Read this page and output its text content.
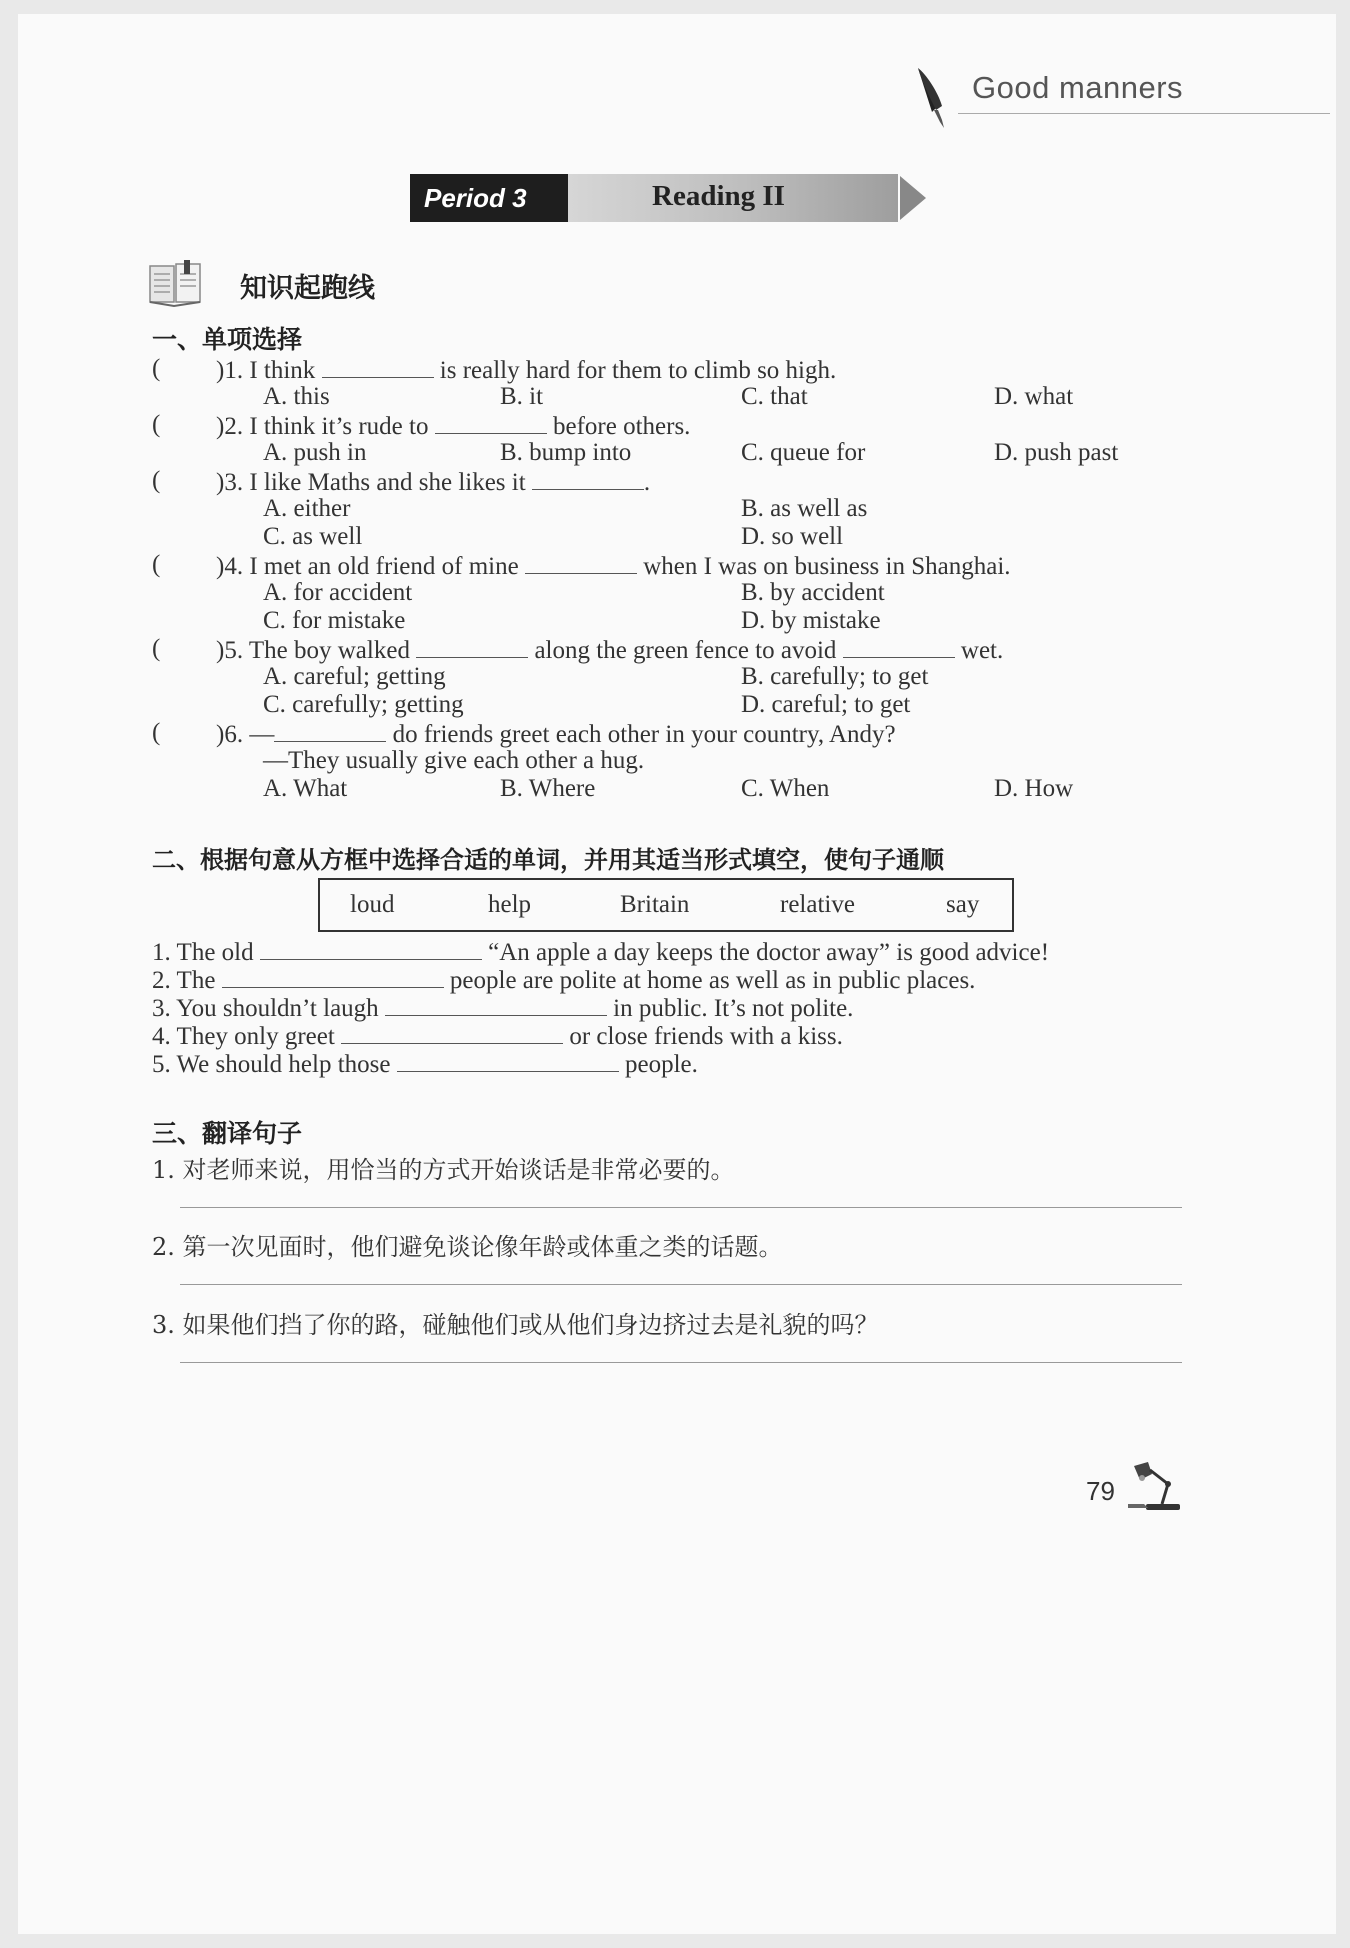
Good manners
Period 3	Reading II
知识起跑线
一、单项选择
( )1. I think	is really hard for them to climb so high.
A. this	B. it	C. that	D. what
( )2. I think it’s rude to	before others.
A. push in	B. bump into	C. queue for	D. push past
( )3. I like Maths and she likes it	.
A. either	B. as well as
C. as well	D. so well
( )4. I met an old friend of mine	when I was on business in Shanghai.
A. for accident	B. by accident
C. for mistake	D. by mistake
( )5. The boy walked	along the green fence to avoid	wet.
A. careful; getting	B. carefully; to get
C. carefully; getting	D. careful; to get
( )6. —	do friends greet each other in your country, Andy?
—They usually give each other a hug.
A. What	B. Where	C. When	D. How
二、根据句意从方框中选择合适的单词，并用其适当形式填空，使句子通顺
loud	help	Britain	relative	say
1. The old	“An apple a day keeps the doctor away” is good advice!
2. The	people are polite at home as well as in public places.
3. You shouldn’t laugh	in public. It’s not polite.
4. They only greet	or close friends with a kiss.
5. We should help those	people.
三、翻译句子
1. 对老师来说，用恰当的方式开始谈话是非常必要的。
2. 第一次见面时，他们避免谈论像年龄或体重之类的话题。
3. 如果他们挡了你的路，碰触他们或从他们身边挤过去是礼貌的吗？
79
